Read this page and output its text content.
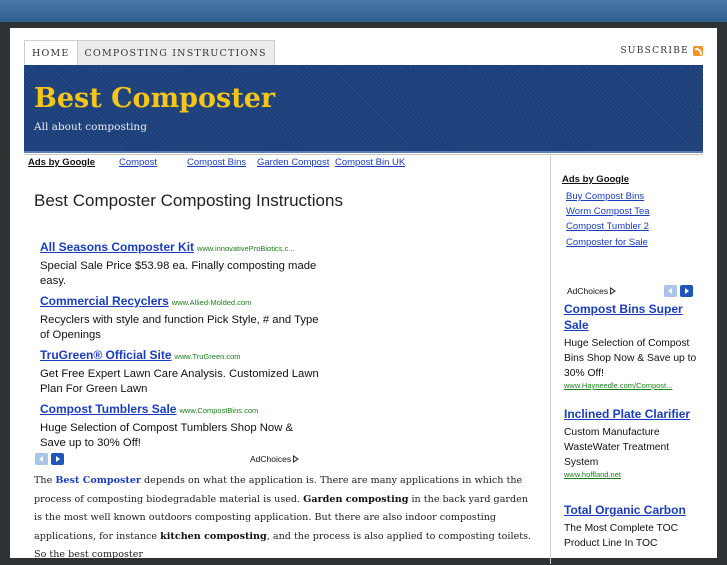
HOME	COMPOSTING INSTRUCTIONS	SUBSCRIBE
Best Composter
All about composting
Ads by Google	Compost	Compost Bins Garden Compost Compost Bin UK
Best Composter Composting Instructions
All Seasons Composter Kit www.innovativeProBiotics.c...
Special Sale Price $53.98 ea. Finally composting made easy.
Commercial Recyclers www.Allied-Molded.com
Recyclers with style and function Pick Style, # and Type of Openings
TruGreen® Official Site www.TruGreen.com
Get Free Expert Lawn Care Analysis. Customized Lawn Plan For Green Lawn
Compost Tumblers Sale www.CompostBins.com
Huge Selection of Compost Tumblers Shop Now & Save up to 30% Off!
AdChoices
The Best Composter depends on what the application is. There are many applications in which the process of composting biodegradable material is used. Garden composting in the back yard garden is the most well known outdoors composting application. But there are also indoor composting applications, for instance kitchen composting, and the process is also applied to composting toilets. So the best composter
Ads by Google
Buy Compost Bins
Worm Compost Tea
Compost Tumbler 2
Composter for Sale
AdChoices
Compost Bins Super Sale
Huge Selection of Compost Bins Shop Now & Save up to 30% Off!
www.Hayneedle.com/Compost...
Inclined Plate Clarifier
Custom Manufacture WasteWater Treatment System
www.hoffland.net
Total Organic Carbon
The Most Complete TOC Product Line In TOC
